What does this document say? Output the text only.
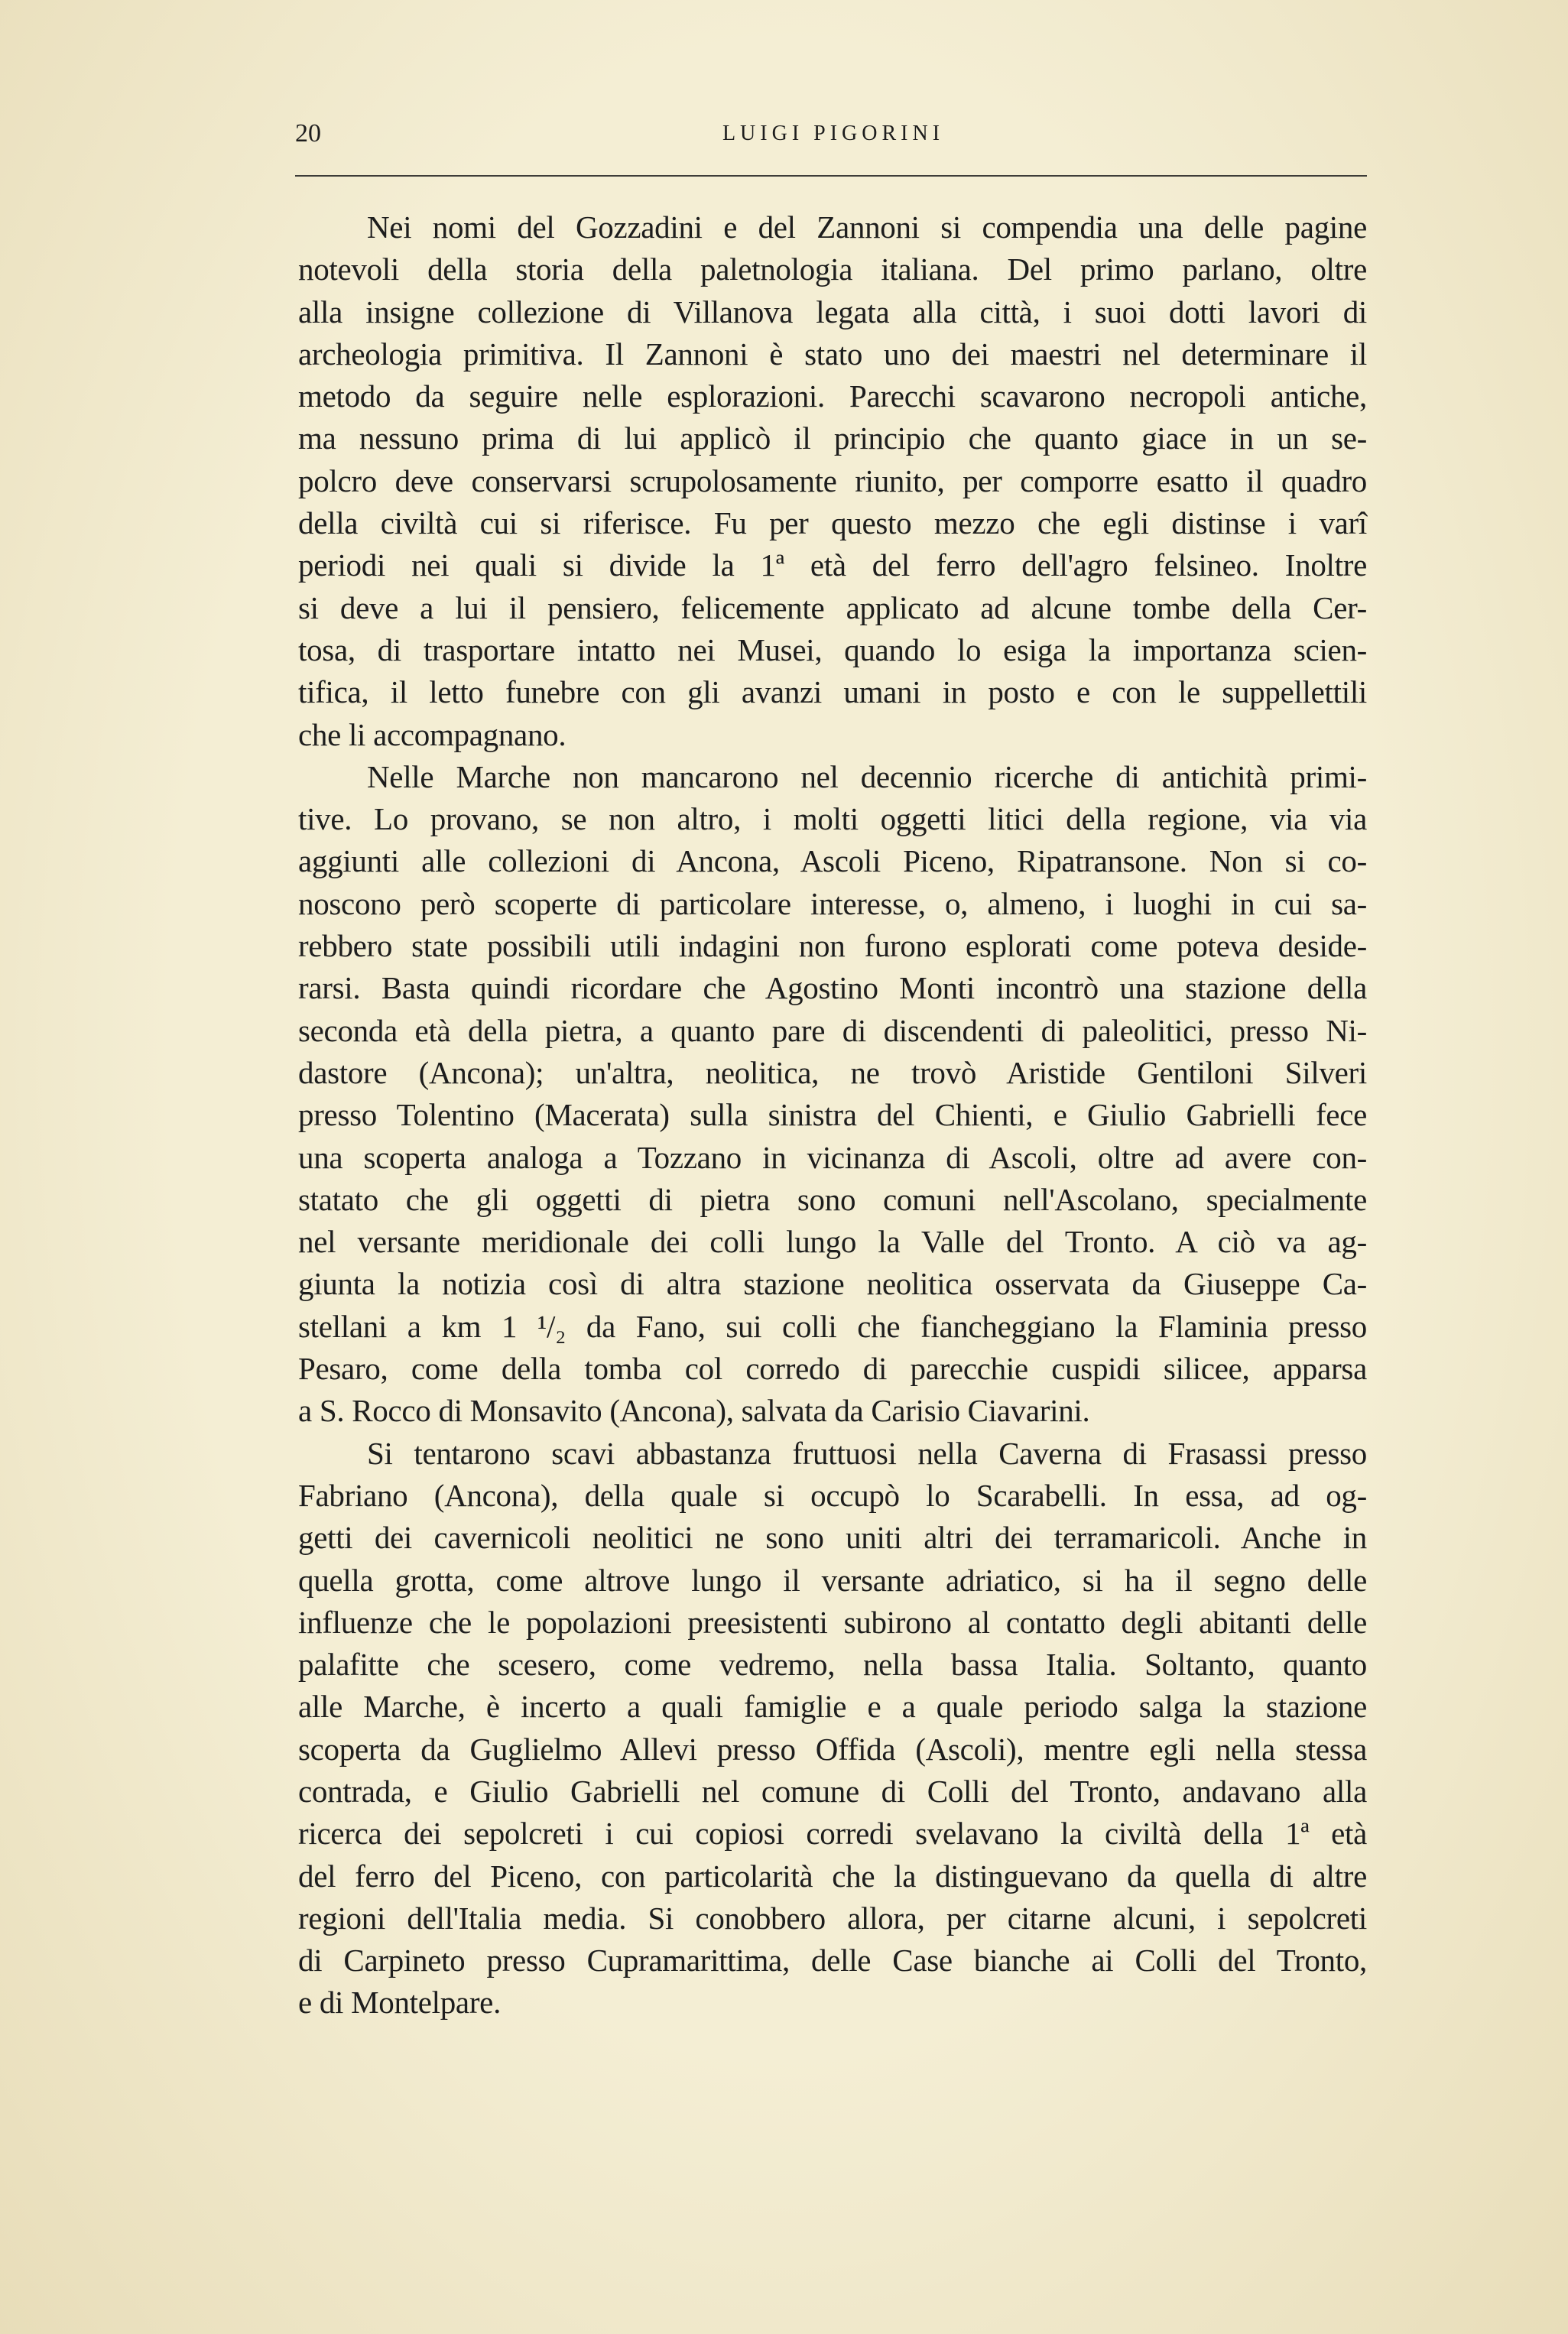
20	LUIGI PIGORINI
Nei nomi del Gozzadini e del Zannoni si compendia una delle pagine
notevoli della storia della paletnologia italiana. Del primo parlano, oltre
alla insigne collezione di Villanova legata alla città, i suoi dotti lavori di
archeologia primitiva. Il Zannoni è stato uno dei maestri nel determinare il
metodo da seguire nelle esplorazioni. Parecchi scavarono necropoli antiche,
ma nessuno prima di lui applicò il principio che quanto giace in un se-
polcro deve conservarsi scrupolosamente riunito, per comporre esatto il quadro
della civiltà cui si riferisce. Fu per questo mezzo che egli distinse i varî
periodi nei quali si divide la 1ª età del ferro dell'agro felsineo. Inoltre
si deve a lui il pensiero, felicemente applicato ad alcune tombe della Cer-
tosa, di trasportare intatto nei Musei, quando lo esiga la importanza scien-
tifica, il letto funebre con gli avanzi umani in posto e con le suppellettili
che li accompagnano.
Nelle Marche non mancarono nel decennio ricerche di antichità primi-
tive. Lo provano, se non altro, i molti oggetti litici della regione, via via
aggiunti alle collezioni di Ancona, Ascoli Piceno, Ripatransone. Non si co-
noscono però scoperte di particolare interesse, o, almeno, i luoghi in cui sa-
rebbero state possibili utili indagini non furono esplorati come poteva deside-
rarsi. Basta quindi ricordare che Agostino Monti incontrò una stazione della
seconda età della pietra, a quanto pare di discendenti di paleolitici, presso Ni-
dastore (Ancona); un'altra, neolitica, ne trovò Aristide Gentiloni Silveri
presso Tolentino (Macerata) sulla sinistra del Chienti, e Giulio Gabrielli fece
una scoperta analoga a Tozzano in vicinanza di Ascoli, oltre ad avere con-
statato che gli oggetti di pietra sono comuni nell'Ascolano, specialmente
nel versante meridionale dei colli lungo la Valle del Tronto. A ciò va ag-
giunta la notizia così di altra stazione neolitica osservata da Giuseppe Ca-
stellani a km 1 ¹/₂ da Fano, sui colli che fiancheggiano la Flaminia presso
Pesaro, come della tomba col corredo di parecchie cuspidi silicee, apparsa
a S. Rocco di Monsavito (Ancona), salvata da Carisio Ciavarini.
Si tentarono scavi abbastanza fruttuosi nella Caverna di Frasassi presso
Fabriano (Ancona), della quale si occupò lo Scarabelli. In essa, ad og-
getti dei cavernicoli neolitici ne sono uniti altri dei terramaricoli. Anche in
quella grotta, come altrove lungo il versante adriatico, si ha il segno delle
influenze che le popolazioni preesistenti subirono al contatto degli abitanti delle
palafitte che scesero, come vedremo, nella bassa Italia. Soltanto, quanto
alle Marche, è incerto a quali famiglie e a quale periodo salga la stazione
scoperta da Guglielmo Allevi presso Offida (Ascoli), mentre egli nella stessa
contrada, e Giulio Gabrielli nel comune di Colli del Tronto, andavano alla
ricerca dei sepolcreti i cui copiosi corredi svelavano la civiltà della 1ª età
del ferro del Piceno, con particolarità che la distinguevano da quella di altre
regioni dell'Italia media. Si conobbero allora, per citarne alcuni, i sepolcreti
di Carpineto presso Cupramarittima, delle Case bianche ai Colli del Tronto,
e di Montelpare.
